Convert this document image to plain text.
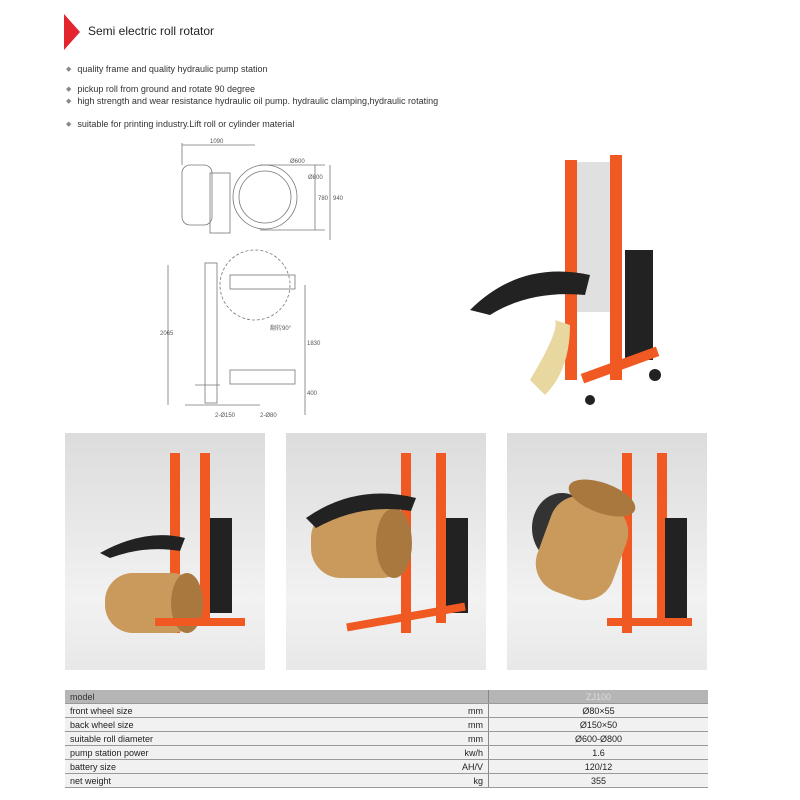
Semi electric roll rotator
◆ quality frame and quality hydraulic pump station
◆ pickup roll from ground and rotate 90 degree
◆ high strength and wear resistance hydraulic oil pump. hydraulic clamping,hydraulic rotating
◆ suitable for printing industry.Lift roll or cylinder material
1090
Ø600
Ø800
780 940
2065
1830
400
翻转90°
2-Ø150	2-Ø80
model		ZJ100
front wheel size	mm	Ø80×55
back wheel size	mm	Ø150×50
suitable roll diameter	mm	Ø600-Ø800
pump station power	kw/h	1.6
battery size	AH/V	120/12
net weight	kg	355
